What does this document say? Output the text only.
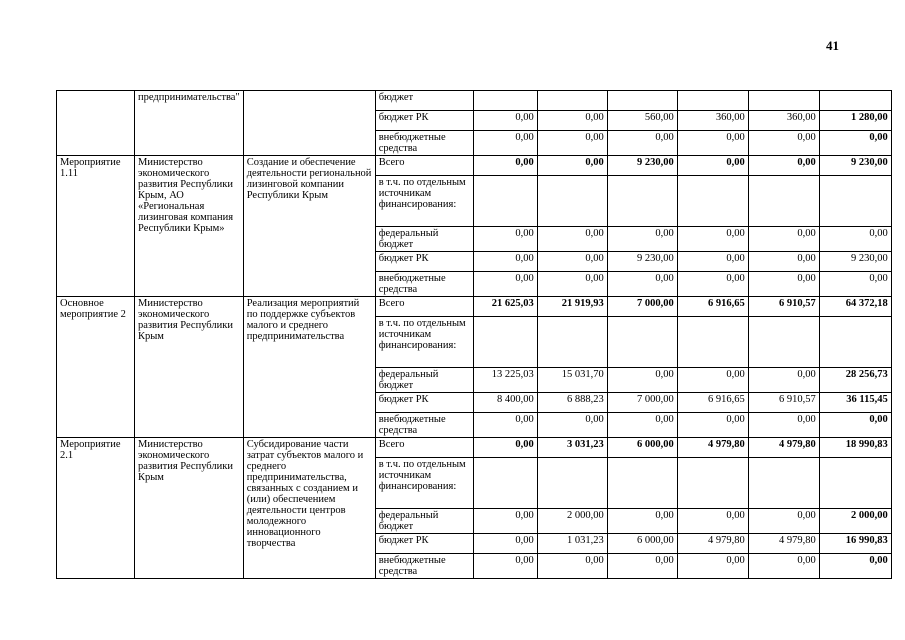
41
	предпринимательства"		бюджет						
			бюджет РК	0,00	0,00	560,00	360,00	360,00	1 280,00
			внебюджетные средства	0,00	0,00	0,00	0,00	0,00	0,00
Мероприятие 1.11	Министерство экономического развития Республики Крым, АО «Региональная лизинговая компания Республики Крым»	Создание и обеспечение деятельности региональной лизинговой компании Республики Крым	Всего	0,00	0,00	9 230,00	0,00	0,00	9 230,00
			в т.ч. по отдельным источникам финансирования:						
			федеральный бюджет	0,00	0,00	0,00	0,00	0,00	0,00
			бюджет РК	0,00	0,00	9 230,00	0,00	0,00	9 230,00
			внебюджетные средства	0,00	0,00	0,00	0,00	0,00	0,00
Основное мероприятие 2	Министерство экономического развития Республики Крым	Реализация мероприятий по поддержке субъектов малого и среднего предпринимательства	Всего	21 625,03	21 919,93	7 000,00	6 916,65	6 910,57	64 372,18
			в т.ч. по отдельным источникам финансирования:						
			федеральный бюджет	13 225,03	15 031,70	0,00	0,00	0,00	28 256,73
			бюджет РК	8 400,00	6 888,23	7 000,00	6 916,65	6 910,57	36 115,45
			внебюджетные средства	0,00	0,00	0,00	0,00	0,00	0,00
Мероприятие 2.1	Министерство экономического развития Республики Крым	Субсидирование части затрат субъектов малого и среднего предпринимательства, связанных с созданием и (или) обеспечением деятельности центров молодежного инновационного творчества	Всего	0,00	3 031,23	6 000,00	4 979,80	4 979,80	18 990,83
			в т.ч. по отдельным источникам финансирования:						
			федеральный бюджет	0,00	2 000,00	0,00	0,00	0,00	2 000,00
			бюджет РК	0,00	1 031,23	6 000,00	4 979,80	4 979,80	16 990,83
			внебюджетные средства	0,00	0,00	0,00	0,00	0,00	0,00
